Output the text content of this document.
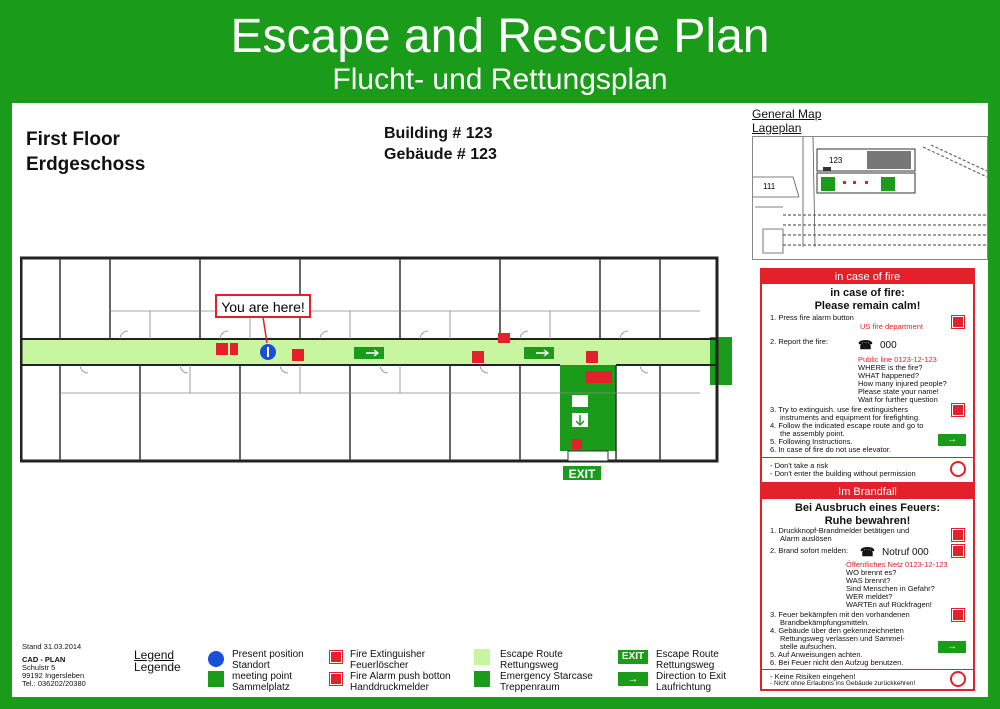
Escape and Rescue Plan
Flucht- und Rettungsplan
First Floor
Erdgeschoss
Building # 123
Gebäude # 123
General Map
Lageplan
123
111
You are here!
EXIT
in case of fire
in case of fire:
Please remain calm!
1. Press fire alarm button
US fire department
2. Report the fire:	☎ 000
Public line 0123-12-123
WHERE is the fire?
WHAT happened?
How many injured people?
Please state your name!
Wait for further question
3. Try to extinguish. use fire extinguishers
instruments and equipment for firefighting.
4. Follow the indicated escape route and go to
the assembly point.
5. Following Instructions.
6. In case of fire do not use elevator.
→
- Don't take a risk
- Don't enter the building without permission
Im Brandfall
Bei Ausbruch eines Feuers:
Ruhe bewahren!
1. Druckknopf-Brandmelder betätigen und
Alarm auslösen
2. Brand sofort melden: ☎ Notruf 000
Öffentliches Netz 0123-12-123
WO brennt es?
WAS brennt?
Sind Menschen in Gefahr?
WER meldet?
WARTEn auf Rückfragen!
3. Feuer bekämpfen mit den vorhandenen
Brandbekämpfungsmitteln.
4. Gebäude über den gekennzeichneten
Rettungsweg verlassen und Sammel-
stelle aufsuchen.
5. Auf Anweisungen achten.
6. Bei Feuer nicht den Aufzug benutzen.
→
- Keine Risiken eingehen!
- Nicht ohne Erlaubnis ins Gebäude zurückkehren!
Stand 31.03.2014
CAD - PLAN
Schulstr 5
99192 Ingersleben
Tel.: 036202/20380
Legend
Legende
Present position
Standort
meeting point
Sammelplatz
Fire Extinguisher
Feuerlöscher
Fire Alarm push botton
Handdruckmelder
Escape Route
Rettungsweg
Emergency Starcase
Treppenraum
EXIT	Escape Route
Rettungsweg
→	Direction to Exit
Laufrichtung
